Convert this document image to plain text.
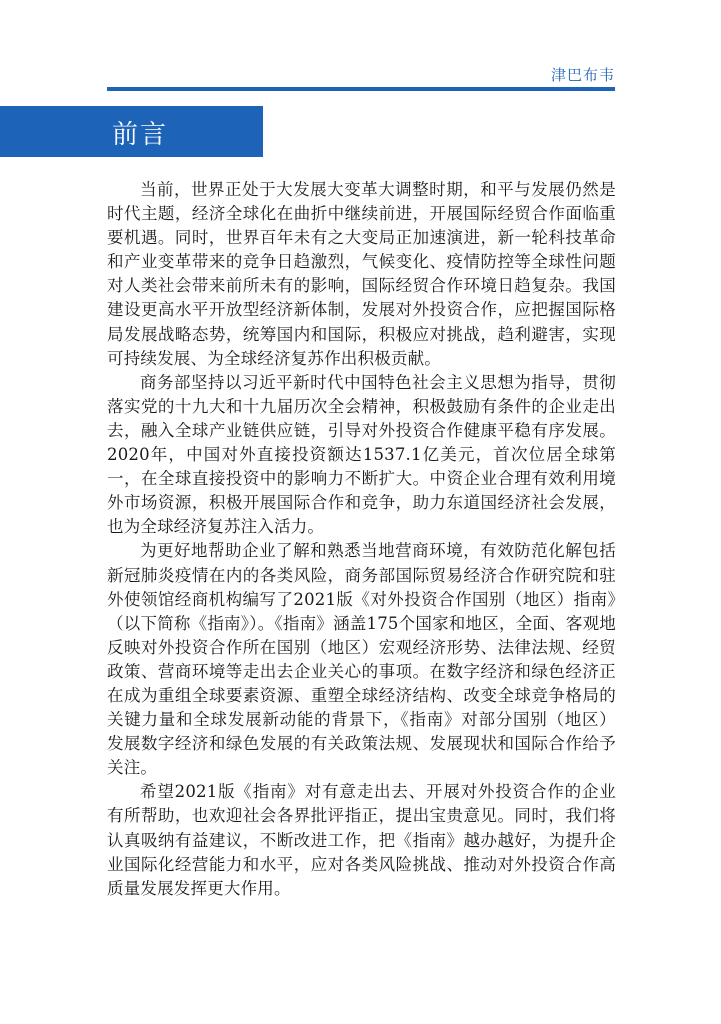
津巴布韦
前言

当前，世界正处于大发展大变革大调整时期，和平与发展仍然是时代主题，经济全球化在曲折中继续前进，开展国际经贸合作面临重要机遇。同时，世界百年未有之大变局正加速演进，新一轮科技革命和产业变革带来的竞争日趋激烈，气候变化、疫情防控等全球性问题对人类社会带来前所未有的影响，国际经贸合作环境日趋复杂。我国建设更高水平开放型经济新体制，发展对外投资合作，应把握国际格局发展战略态势，统筹国内和国际，积极应对挑战，趋利避害，实现可持续发展、为全球经济复苏作出积极贡献。

商务部坚持以习近平新时代中国特色社会主义思想为指导，贯彻落实党的十九大和十九届历次全会精神，积极鼓励有条件的企业走出去，融入全球产业链供应链，引导对外投资合作健康平稳有序发展。2020年，中国对外直接投资额达1537.1亿美元，首次位居全球第一，在全球直接投资中的影响力不断扩大。中资企业合理有效利用境外市场资源，积极开展国际合作和竞争，助力东道国经济社会发展，也为全球经济复苏注入活力。

为更好地帮助企业了解和熟悉当地营商环境，有效防范化解包括新冠肺炎疫情在内的各类风险，商务部国际贸易经济合作研究院和驻外使领馆经商机构编写了2021版《对外投资合作国别（地区）指南》（以下简称《指南》）。《指南》涵盖175个国家和地区，全面、客观地反映对外投资合作所在国别（地区）宏观经济形势、法律法规、经贸政策、营商环境等走出去企业关心的事项。在数字经济和绿色经济正在成为重组全球要素资源、重塑全球经济结构、改变全球竞争格局的关键力量和全球发展新动能的背景下，《指南》对部分国别（地区）发展数字经济和绿色发展的有关政策法规、发展现状和国际合作给予关注。

希望2021版《指南》对有意走出去、开展对外投资合作的企业有所帮助，也欢迎社会各界批评指正，提出宝贵意见。同时，我们将认真吸纳有益建议，不断改进工作，把《指南》越办越好，为提升企业国际化经营能力和水平，应对各类风险挑战、推动对外投资合作高质量发展发挥更大作用。
